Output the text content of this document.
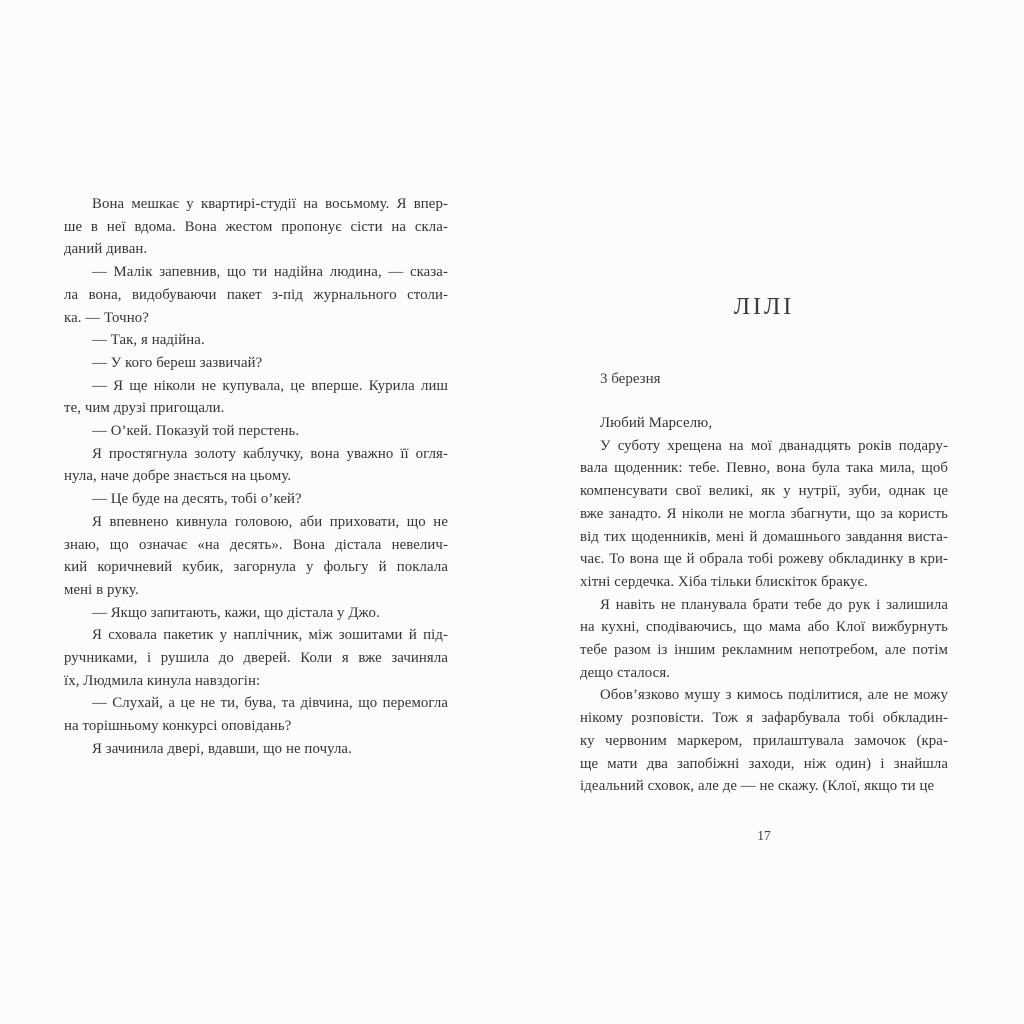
Вона мешкає у квартирі-студії на восьмому. Я впер-
ше в неї вдома. Вона жестом пропонує сісти на скла-
даний диван.
— Малік запевнив, що ти надійна людина, — сказа-
ла вона, видобуваючи пакет з-під журнального столи-
ка. — Точно?
— Так, я надійна.
— У кого береш зазвичай?
— Я ще ніколи не купувала, це вперше. Курила лиш
те, чим друзі пригощали.
— О’кей. Показуй той перстень.
Я простягнула золоту каблучку, вона уважно її огля-
нула, наче добре знається на цьому.
— Це буде на десять, тобі о’кей?
Я впевнено кивнула головою, аби приховати, що не
знаю, що означає «на десять». Вона дістала невелич-
кий коричневий кубик, загорнула у фольгу й поклала
мені в руку.
— Якщо запитають, кажи, що дістала у Джо.
Я сховала пакетик у наплічник, між зошитами й під-
ручниками, і рушила до дверей. Коли я вже зачиняла
їх, Людмила кинула навздогін:
— Слухай, а це не ти, бува, та дівчина, що перемогла
на торішньому конкурсі оповідань?
Я зачинила двері, вдавши, що не почула.
ЛІЛІ
3 березня
Любий Марселю,
У суботу хрещена на мої дванадцять років подару-
вала щоденник: тебе. Певно, вона була така мила, щоб
компенсувати свої великі, як у нутрії, зуби, однак це
вже занадто. Я ніколи не могла збагнути, що за користь
від тих щоденників, мені й домашнього завдання виста-
чає. То вона ще й обрала тобі рожеву обкладинку в кри-
хітні сердечка. Хіба тільки блискіток бракує.
Я навіть не планувала брати тебе до рук і залишила
на кухні, сподіваючись, що мама або Клої вижбурнуть
тебе разом із іншим рекламним непотребом, але потім
дещо сталося.
Обов’язково мушу з кимось поділитися, але не можу
нікому розповісти. Тож я зафарбувала тобі обкладин-
ку червоним маркером, прилаштувала замочок (кра-
ще мати два запобіжні заходи, ніж один) і знайшла
ідеальний сховок, але де — не скажу. (Клої, якщо ти це
17
